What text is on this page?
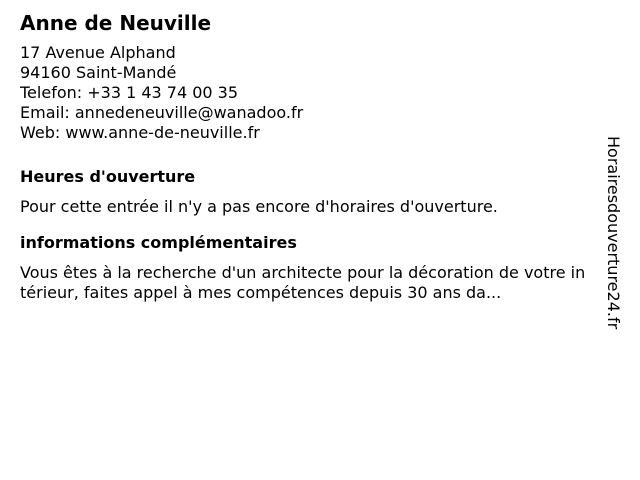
Anne de Neuville
17 Avenue Alphand
94160 Saint-Mandé
Telefon: +33 1 43 74 00 35
Email: annedeneuville@wanadoo.fr
Web: www.anne-de-neuville.fr
Heures d'ouverture

Pour cette entrée il n'y a pas encore d'horaires d'ouverture.

informations complémentaires

Vous êtes à la recherche d'un architecte pour la décoration de votre intérieur, faites appel à mes compétences depuis 30 ans da...	Horairesdouverture24.fr
